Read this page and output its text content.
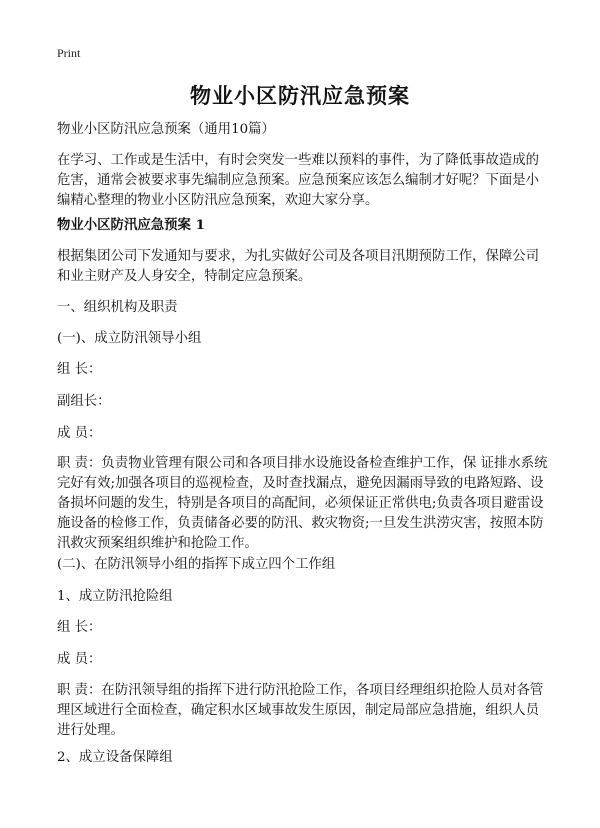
Print
物业小区防汛应急预案
物业小区防汛应急预案（通用10篇）
在学习、工作或是生活中，有时会突发一些难以预料的事件，为了降低事故造成的危害，通常会被要求事先编制应急预案。应急预案应该怎么编制才好呢？下面是小编精心整理的物业小区防汛应急预案，欢迎大家分享。
物业小区防汛应急预案 1
根据集团公司下发通知与要求，为扎实做好公司及各项目汛期预防工作，保障公司和业主财产及人身安全，特制定应急预案。
一、组织机构及职责
(一)、成立防汛领导小组
组 长：
副组长：
成 员：
职 责：负责物业管理有限公司和各项目排水设施设备检查维护工作，保 证排水系统完好有效;加强各项目的巡视检查，及时查找漏点，避免因漏雨导致的电路短路、设备损坏问题的发生，特别是各项目的高配间，必须保证正常供电;负责各项目避雷设施设备的检修工作，负责储备必要的防汛、救灾物资;一旦发生洪涝灾害，按照本防汛救灾预案组织维护和抢险工作。
(二)、在防汛领导小组的指挥下成立四个工作组
1、成立防汛抢险组
组 长：
成 员：
职 责：在防汛领导组的指挥下进行防汛抢险工作，各项目经理组织抢险人员对各管理区域进行全面检查，确定积水区域事故发生原因，制定局部应急措施，组织人员进行处理。
2、成立设备保障组
